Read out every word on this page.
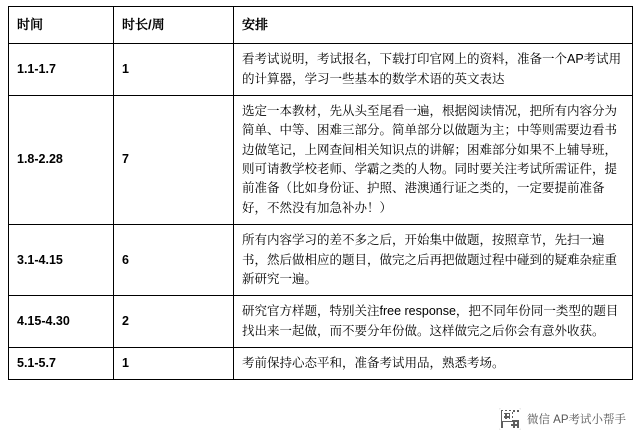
时间	时长/周	安排
1.1-1.7	1	看考试说明，考试报名，下载打印官网上的资料，准备一个AP考试用的计算器，学习一些基本的数学术语的英文表达
1.8-2.28	7	选定一本教材，先从头至尾看一遍，根据阅读情况，把所有内容分为简单、中等、困难三部分。简单部分以做题为主；中等则需要边看书边做笔记，上网查间相关知识点的讲解；困难部分如果不上辅导班，则可请教学校老师、学霸之类的人物。同时要关注考试所需证件，提前准备（比如身份证、护照、港澳通行证之类的，一定要提前准备好，不然没有加急补办！）
3.1-4.15	6	所有内容学习的差不多之后，开始集中做题，按照章节，先扫一遍书，然后做相应的题目，做完之后再把做题过程中碰到的疑难杂症重新研究一遍。
4.15-4.30	2	研究官方样题，特别关注free response，把不同年份同一类型的题目找出来一起做，而不要分年份做。这样做完之后你会有意外收获。
5.1-5.7	1	考前保持心态平和，准备考试用品，熟悉考场。
微信 AP考试小帮手
